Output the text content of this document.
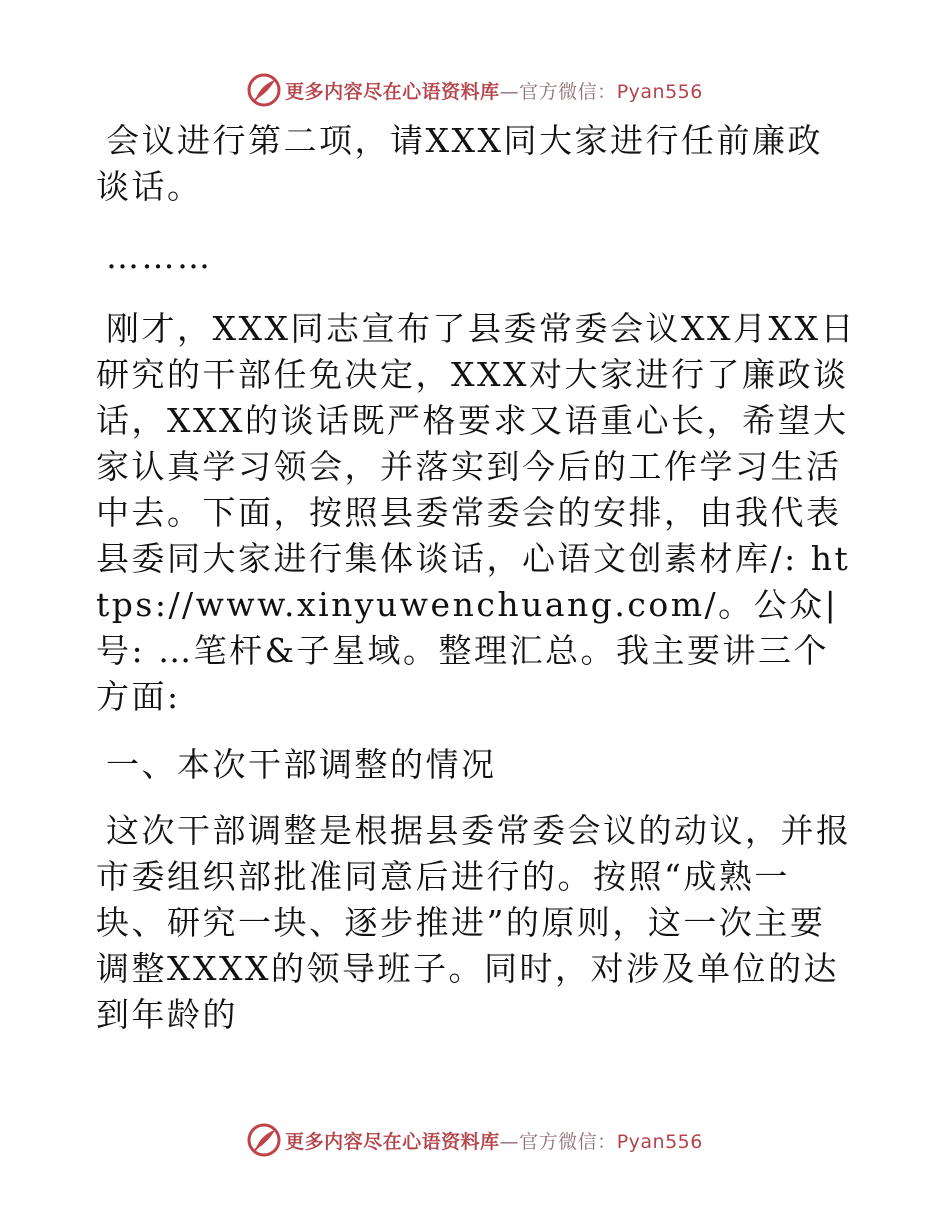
更多内容尽在心语资料库—官方微信：Pyan556

会议进行第二项，请XXX同大家进行任前廉政谈话。

………

刚才，XXX同志宣布了县委常委会议XX月XX日研究的干部任免决定，XXX对大家进行了廉政谈话，XXX的谈话既严格要求又语重心长，希望大家认真学习领会，并落实到今后的工作学习生活中去。下面，按照县委常委会的安排，由我代表县委同大家进行集体谈话，心语文创素材库/: https://www.xinyuwenchuang.com/。公众|号: …笔杆&子星域。整理汇总。我主要讲三个方面:

一、本次干部调整的情况

这次干部调整是根据县委常委会议的动议，并报市委组织部批准同意后进行的。按照“成熟一块、研究一块、逐步推进”的原则，这一次主要调整XXXX的领导班子。同时，对涉及单位的达到年龄的

更多内容尽在心语资料库—官方微信：Pyan556
